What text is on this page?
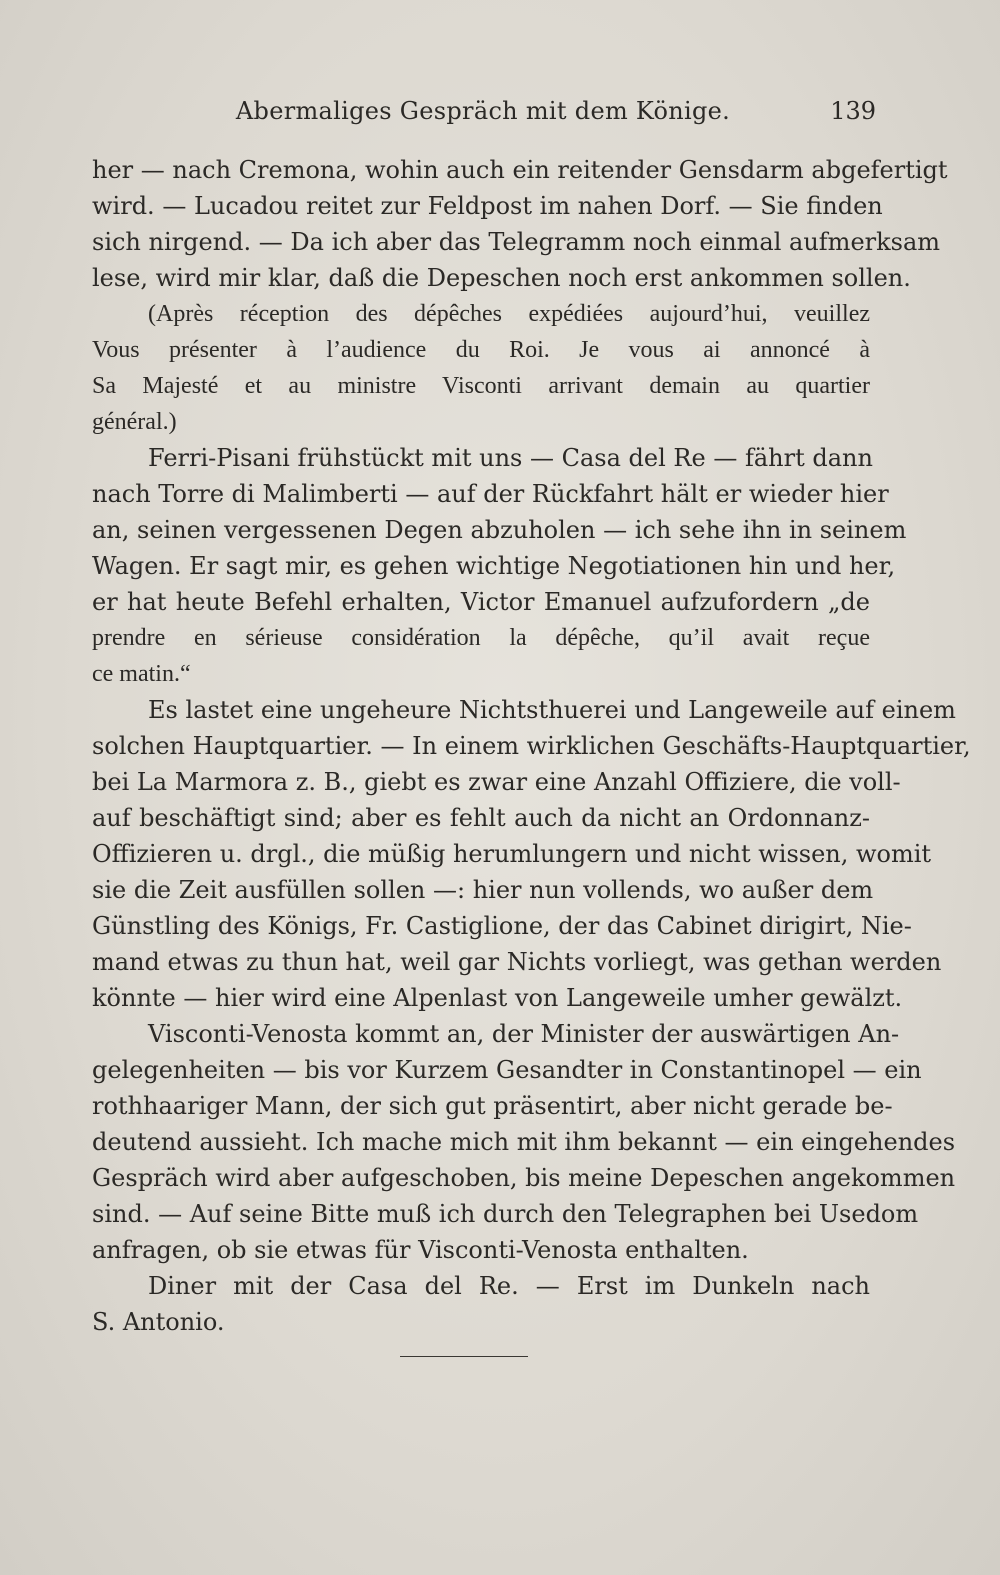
Abermaliges Gespräch mit dem Könige.	139
her — nach Cremona, wohin auch ein reitender Gensdarm abgefertigt
wird. — Lucadou reitet zur Feldpost im nahen Dorf. — Sie finden
sich nirgend. — Da ich aber das Telegramm noch einmal aufmerksam
lese, wird mir klar, daß die Depeschen noch erst ankommen sollen.
(Après réception des dépêches expédiées aujourd’hui, veuillez
Vous présenter à l’audience du Roi. Je vous ai annoncé à
Sa Majesté et au ministre Visconti arrivant demain au quartier
général.)
Ferri-Pisani frühstückt mit uns — Casa del Re — fährt dann
nach Torre di Malimberti — auf der Rückfahrt hält er wieder hier
an, seinen vergessenen Degen abzuholen — ich sehe ihn in seinem
Wagen. Er sagt mir, es gehen wichtige Negotiationen hin und her,
er hat heute Befehl erhalten, Victor Emanuel aufzufordern „de
prendre en sérieuse considération la dépêche, qu’il avait reçue
ce matin.“
Es lastet eine ungeheure Nichtsthuerei und Langeweile auf einem
solchen Hauptquartier. — In einem wirklichen Geschäfts-Hauptquartier,
bei La Marmora z. B., giebt es zwar eine Anzahl Offiziere, die voll-
auf beschäftigt sind; aber es fehlt auch da nicht an Ordonnanz-
Offizieren u. drgl., die müßig herumlungern und nicht wissen, womit
sie die Zeit ausfüllen sollen —: hier nun vollends, wo außer dem
Günstling des Königs, Fr. Castiglione, der das Cabinet dirigirt, Nie-
mand etwas zu thun hat, weil gar Nichts vorliegt, was gethan werden
könnte — hier wird eine Alpenlast von Langeweile umher gewälzt.
Visconti-Venosta kommt an, der Minister der auswärtigen An-
gelegenheiten — bis vor Kurzem Gesandter in Constantinopel — ein
rothhaariger Mann, der sich gut präsentirt, aber nicht gerade be-
deutend aussieht. Ich mache mich mit ihm bekannt — ein eingehendes
Gespräch wird aber aufgeschoben, bis meine Depeschen angekommen
sind. — Auf seine Bitte muß ich durch den Telegraphen bei Usedom
anfragen, ob sie etwas für Visconti-Venosta enthalten.
Diner mit der Casa del Re. — Erst im Dunkeln nach
S. Antonio.
